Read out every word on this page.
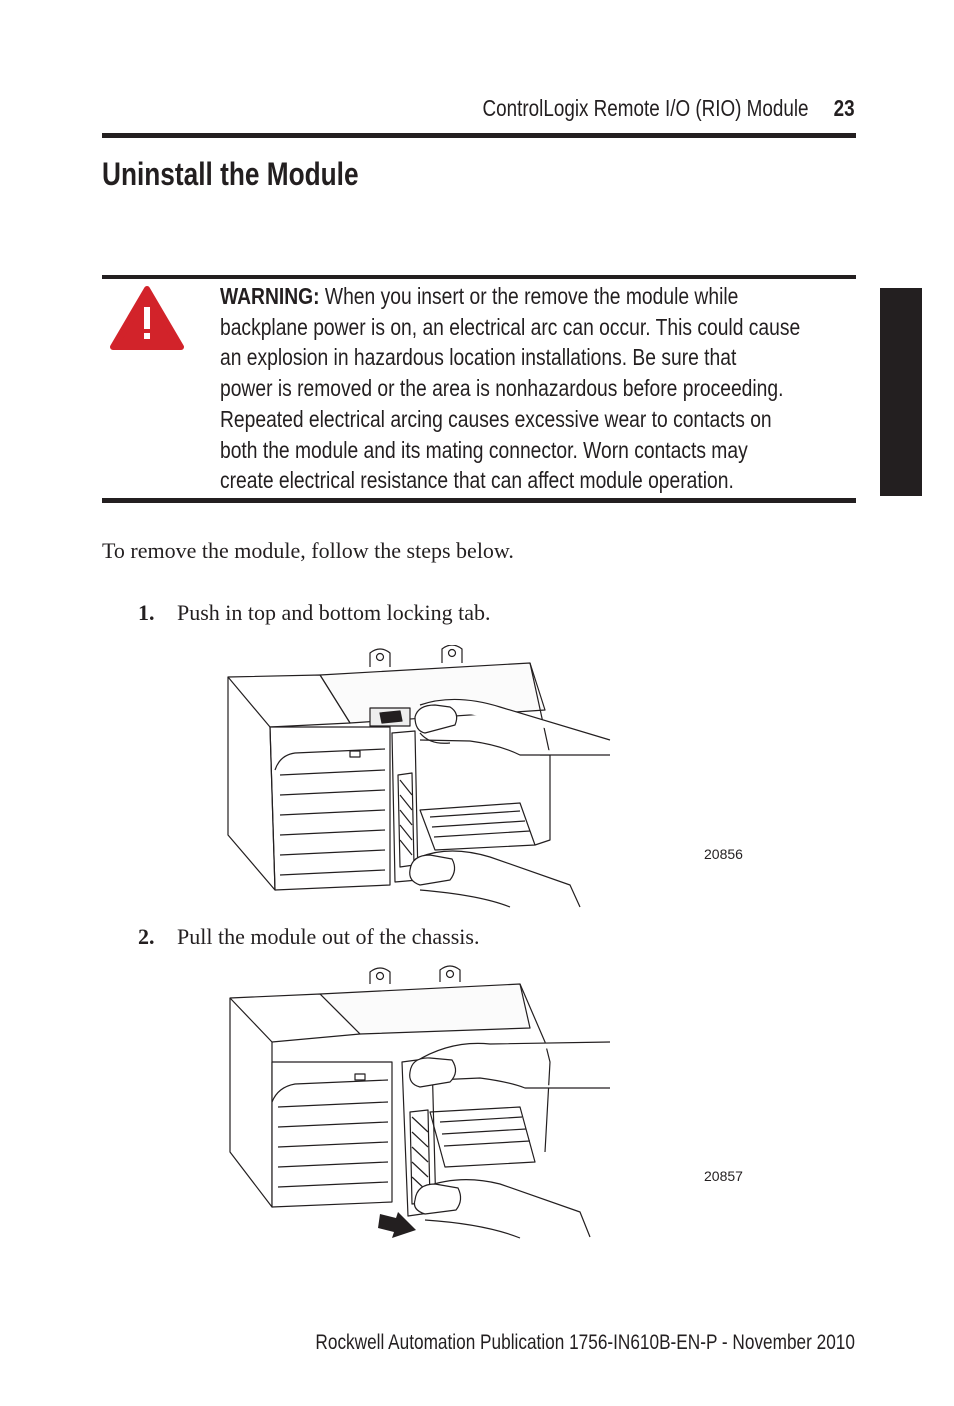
ControlLogix Remote I/O (RIO) Module 23
Uninstall the Module
WARNING: When you insert or the remove the module while
backplane power is on, an electrical arc can occur. This could cause
an explosion in hazardous location installations. Be sure that
power is removed or the area is nonhazardous before proceeding.
Repeated electrical arcing causes excessive wear to contacts on
both the module and its mating connector. Worn contacts may
create electrical resistance that can affect module operation.
To remove the module, follow the steps below.
1. Push in top and bottom locking tab.
20856
2. Pull the module out of the chassis.
20857
Rockwell Automation Publication 1756-IN610B-EN-P - November 2010
